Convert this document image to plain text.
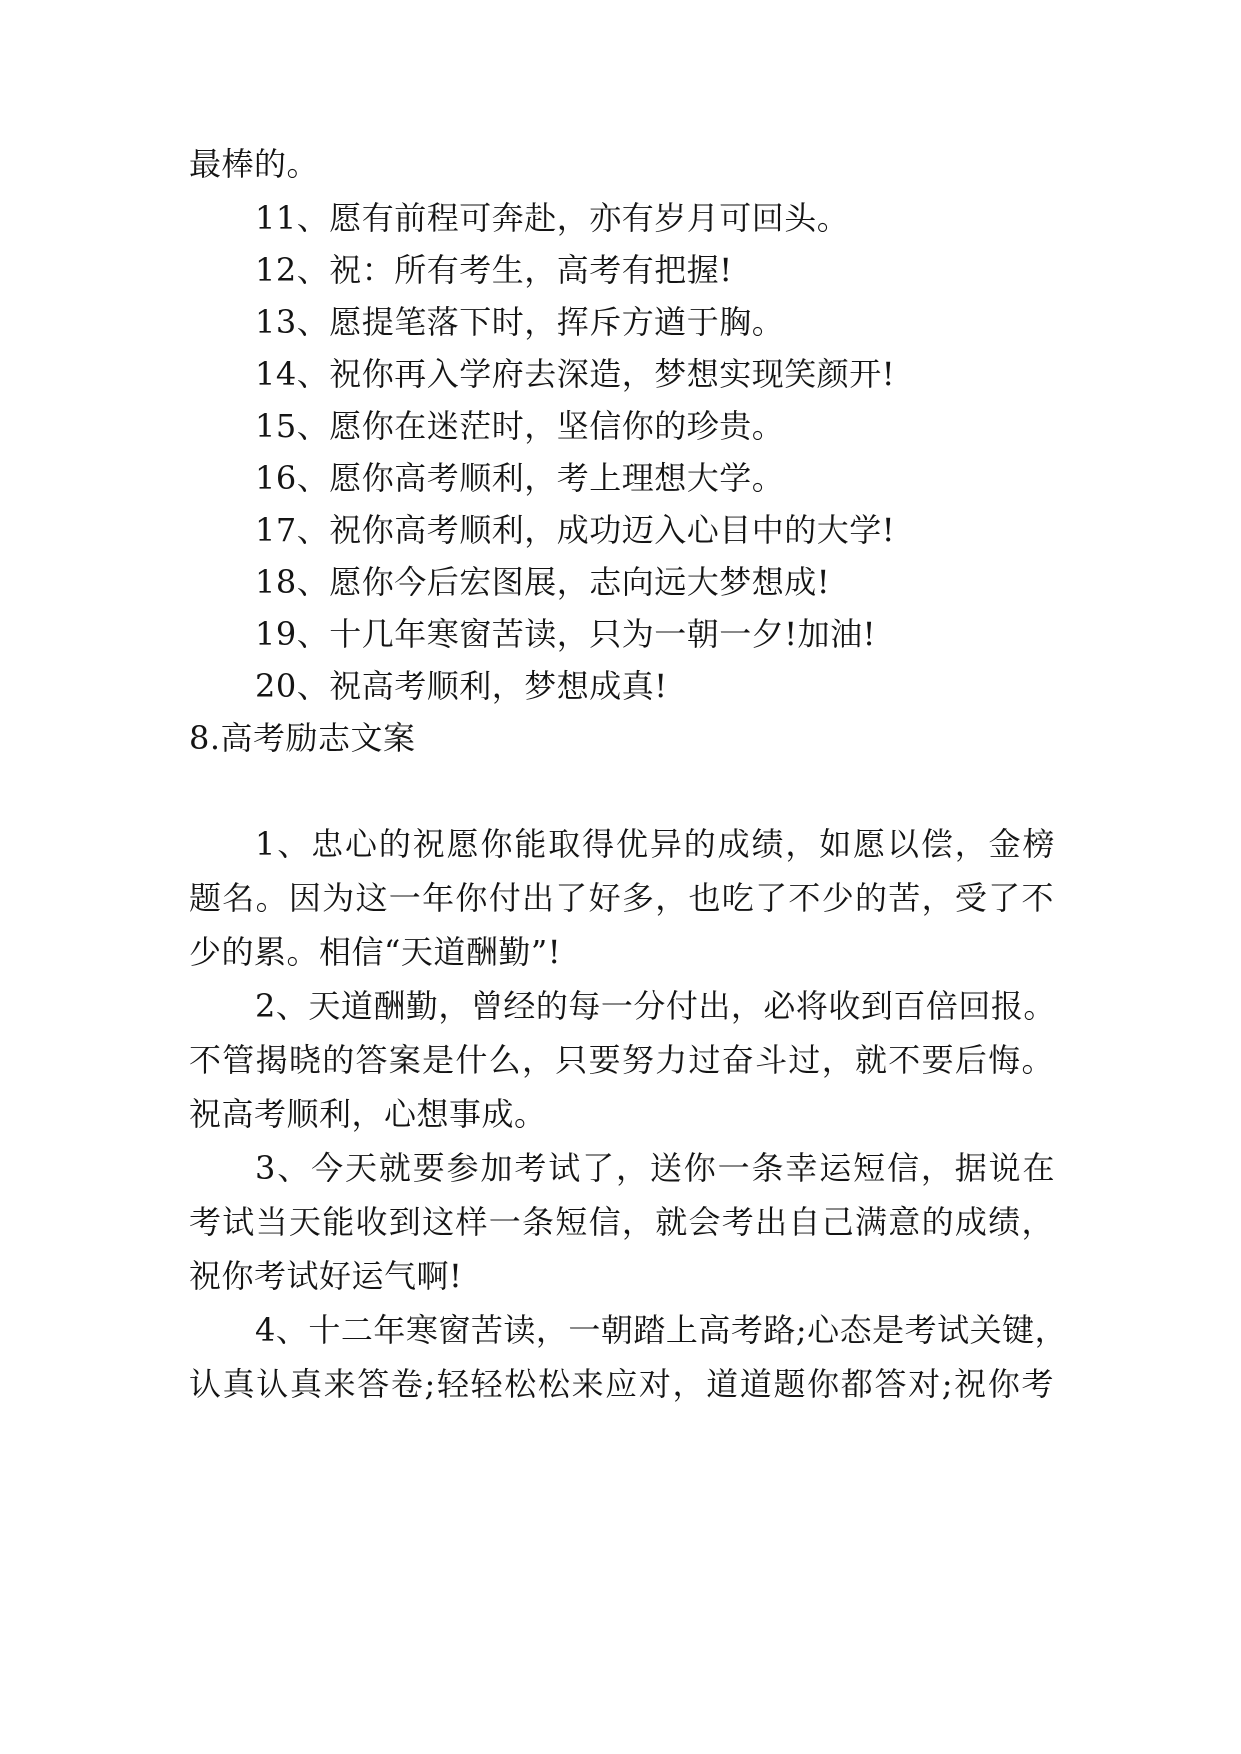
最棒的。
11、愿有前程可奔赴，亦有岁月可回头。
12、祝：所有考生，高考有把握!
13、愿提笔落下时，挥斥方遒于胸。
14、祝你再入学府去深造，梦想实现笑颜开!
15、愿你在迷茫时，坚信你的珍贵。
16、愿你高考顺利，考上理想大学。
17、祝你高考顺利，成功迈入心目中的大学!
18、愿你今后宏图展，志向远大梦想成!
19、十几年寒窗苦读，只为一朝一夕!加油!
20、祝高考顺利，梦想成真!
8.高考励志文案
1、忠心的祝愿你能取得优异的成绩，如愿以偿，金榜
题名。因为这一年你付出了好多，也吃了不少的苦，受了不
少的累。相信“天道酬勤”!
2、天道酬勤，曾经的每一分付出，必将收到百倍回报。
不管揭晓的答案是什么，只要努力过奋斗过，就不要后悔。
祝高考顺利，心想事成。
3、今天就要参加考试了，送你一条幸运短信，据说在
考试当天能收到这样一条短信，就会考出自己满意的成绩，
祝你考试好运气啊!
4、十二年寒窗苦读，一朝踏上高考路;心态是考试关键，
认真认真来答卷;轻轻松松来应对，道道题你都答对;祝你考
